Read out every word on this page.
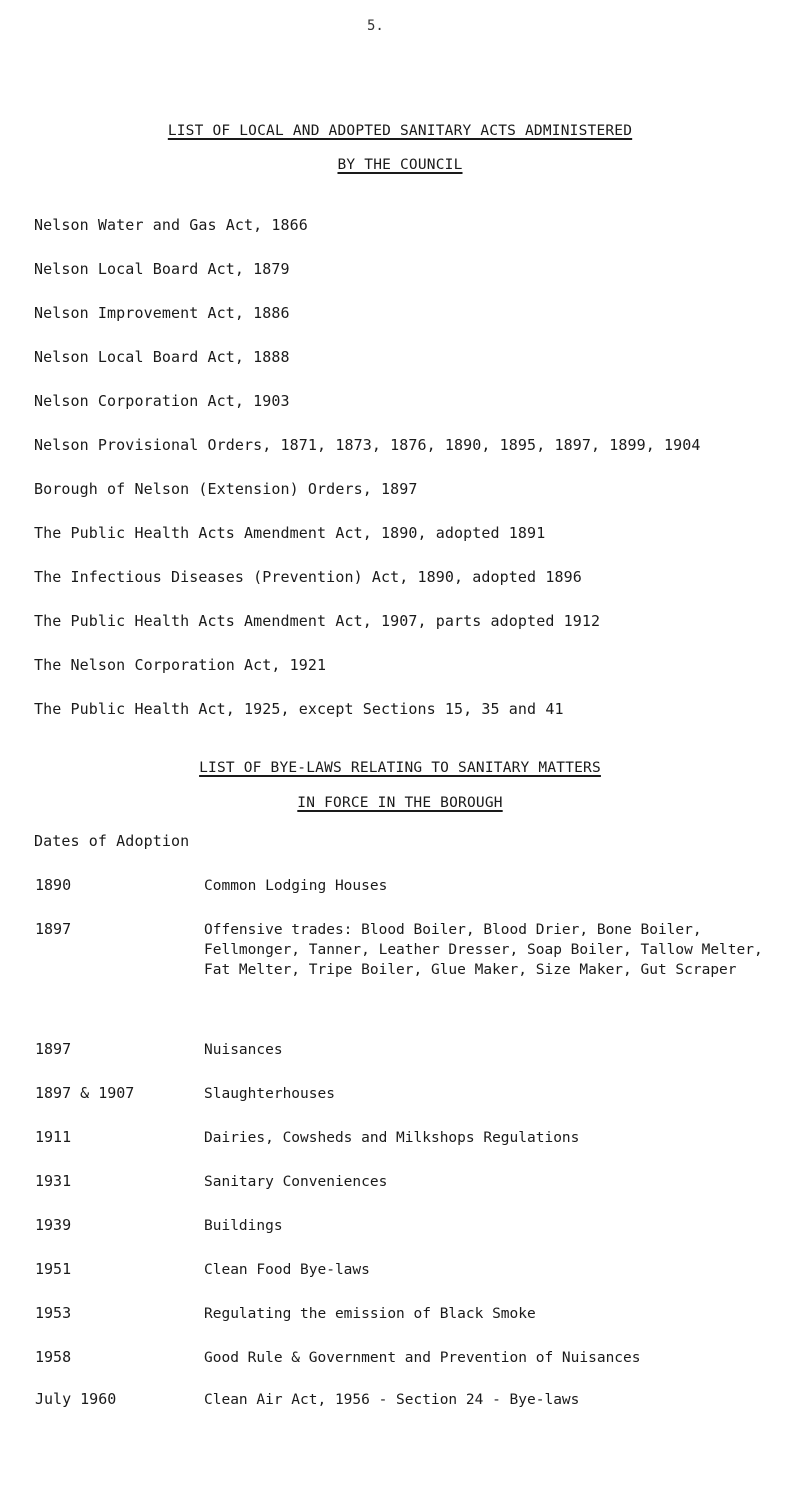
5.
LIST OF LOCAL AND ADOPTED SANITARY ACTS ADMINISTERED
BY THE COUNCIL
Nelson Water and Gas Act, 1866
Nelson Local Board Act, 1879
Nelson Improvement Act, 1886
Nelson Local Board Act, 1888
Nelson Corporation Act, 1903
Nelson Provisional Orders, 1871, 1873, 1876, 1890, 1895, 1897, 1899, 1904
Borough of Nelson (Extension) Orders, 1897
The Public Health Acts Amendment Act, 1890, adopted 1891
The Infectious Diseases (Prevention) Act, 1890, adopted 1896
The Public Health Acts Amendment Act, 1907, parts adopted 1912
The Nelson Corporation Act, 1921
The Public Health Act, 1925, except Sections 15, 35 and 41
LIST OF BYE-LAWS RELATING TO SANITARY MATTERS
IN FORCE IN THE BOROUGH
Dates of Adoption
1890	Common Lodging Houses
1897	Offensive trades: Blood Boiler, Blood Drier, Bone Boiler, Fellmonger, Tanner, Leather Dresser, Soap Boiler, Tallow Melter, Fat Melter, Tripe Boiler, Glue Maker, Size Maker, Gut Scraper
1897	Nuisances
1897 & 1907	Slaughterhouses
1911	Dairies, Cowsheds and Milkshops Regulations
1931	Sanitary Conveniences
1939	Buildings
1951	Clean Food Bye-laws
1953	Regulating the emission of Black Smoke
1958	Good Rule & Government and Prevention of Nuisances
July 1960	Clean Air Act, 1956 - Section 24 - Bye-laws
